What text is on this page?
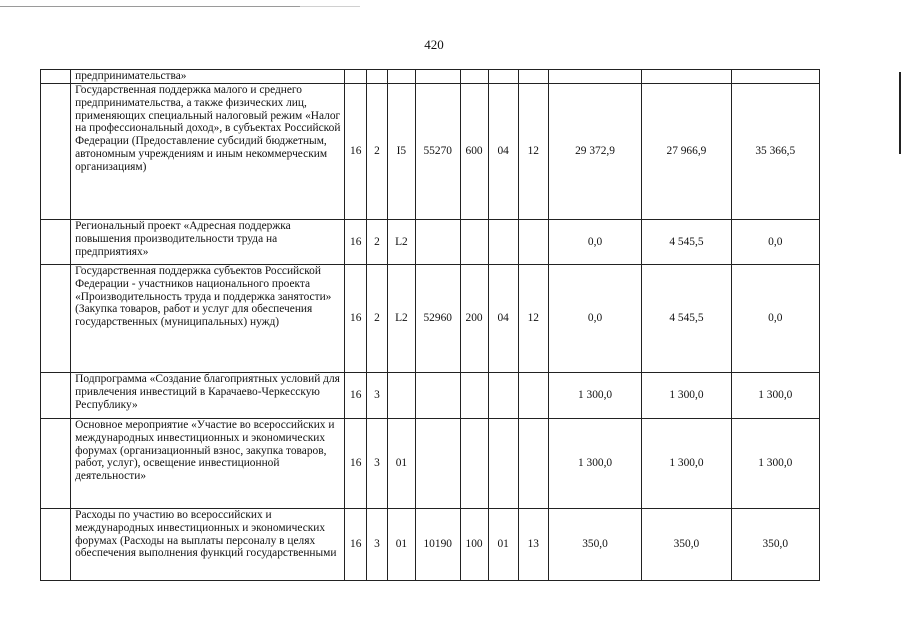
420
	предпринимательства»										
	Государственная поддержка малого и среднего предпринимательства, а также физических лиц, применяющих специальный налоговый режим «Налог на профессиональный доход», в субъектах Российской Федерации (Предоставление субсидий бюджетным, автономным учреждениям и иным некоммерческим организациям)	16	2	I5	55270	600	04	12	29 372,9	27 966,9	35 366,5
	Региональный проект «Адресная поддержка повышения производительности труда на предприятиях»	16	2	L2					0,0	4 545,5	0,0
	Государственная поддержка субъектов Российской Федерации - участников национального проекта «Производительность труда и поддержка занятости» (Закупка товаров, работ и услуг для обеспечения государственных (муниципальных) нужд)	16	2	L2	52960	200	04	12	0,0	4 545,5	0,0
	Подпрограмма «Создание благоприятных условий для привлечения инвестиций в Карачаево-Черкесскую Республику»	16	3						1 300,0	1 300,0	1 300,0
	Основное мероприятие «Участие во всероссийских и международных инвестиционных и экономических форумах (организационный взнос, закупка товаров, работ, услуг), освещение инвестиционной деятельности»	16	3	01					1 300,0	1 300,0	1 300,0
	Расходы по участию во всероссийских и международных инвестиционных и экономических форумах (Расходы на выплаты персоналу в целях обеспечения выполнения функций государственными	16	3	01	10190	100	01	13	350,0	350,0	350,0
